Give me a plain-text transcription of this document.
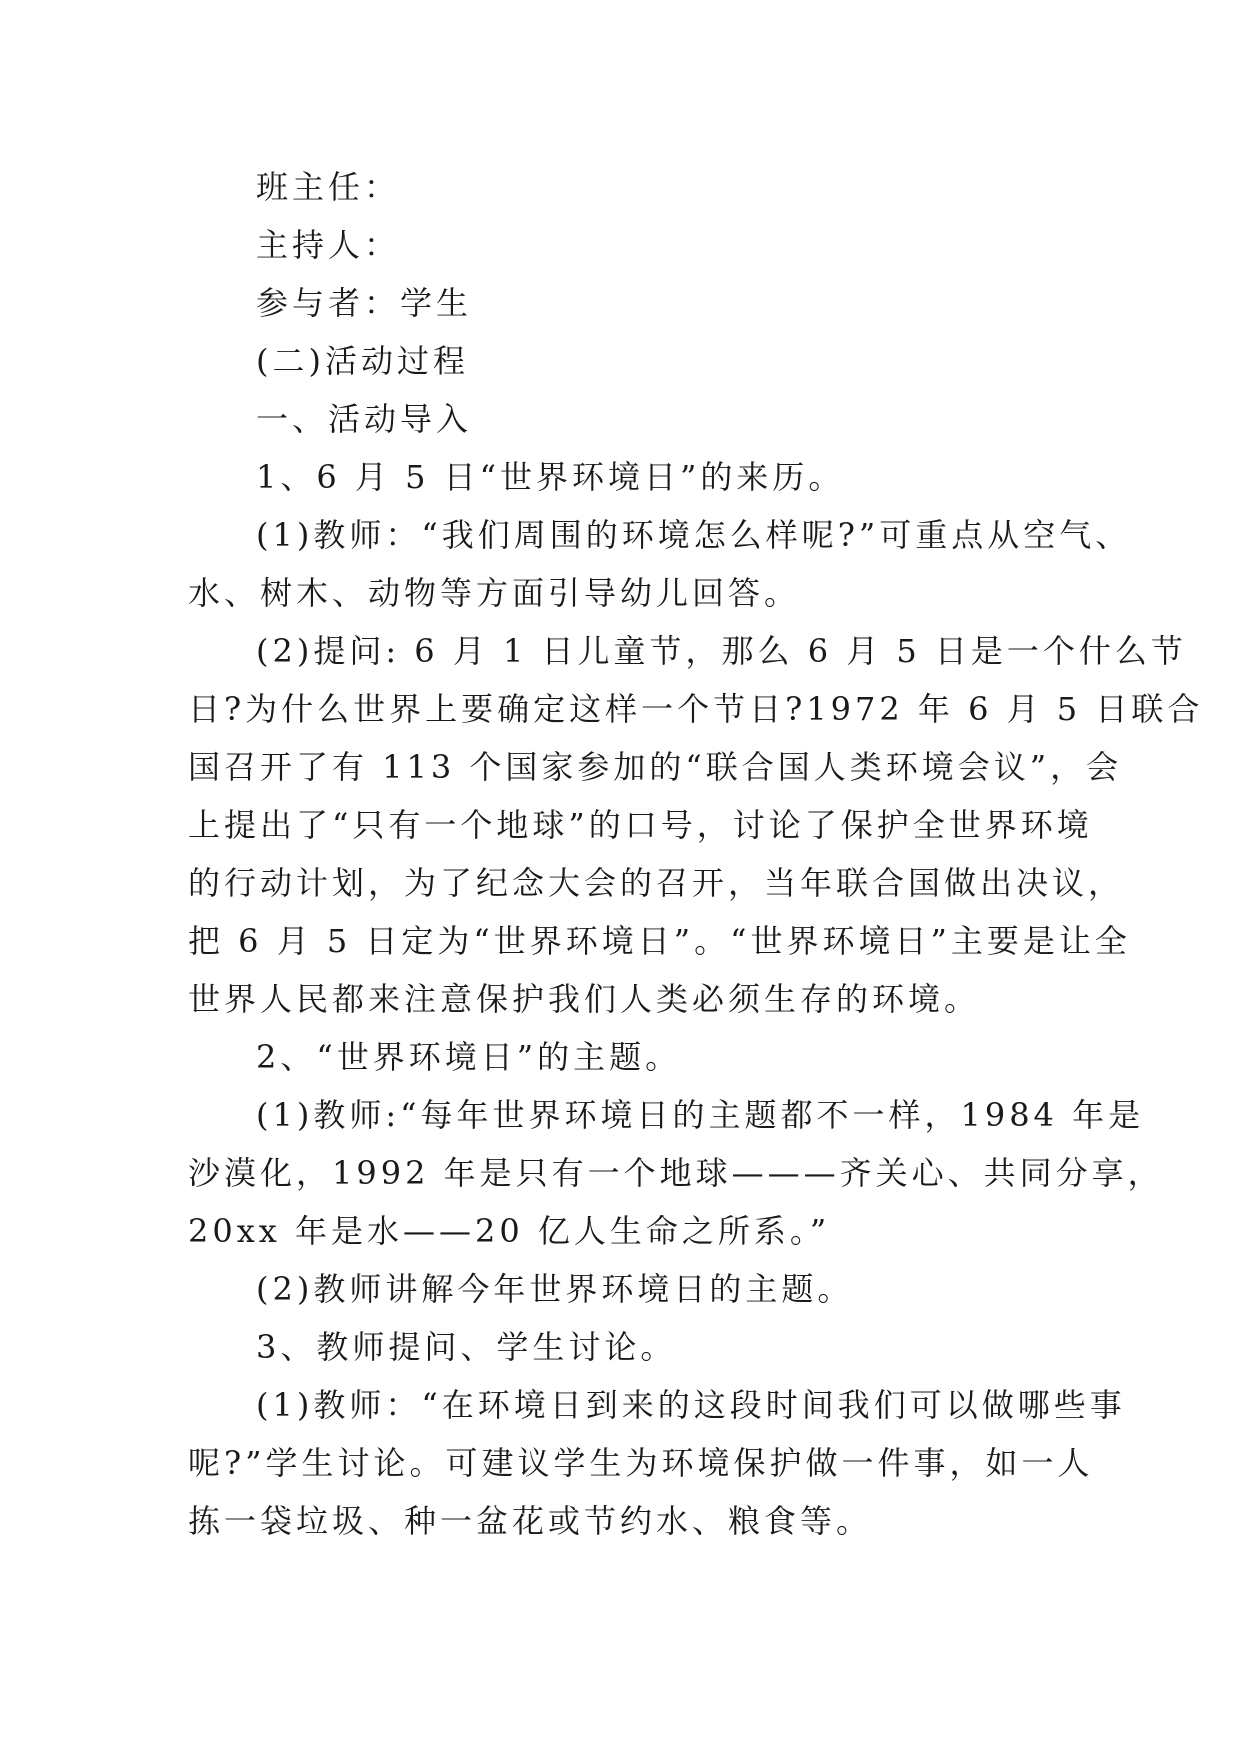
班主任：
主持人：
参与者：学生
(二)活动过程
一、活动导入
1、6 月 5 日“世界环境日”的来历。
(1)教师：“我们周围的环境怎么样呢?”可重点从空气、
水、树木、动物等方面引导幼儿回答。
(2)提问: 6 月 1 日儿童节，那么 6 月 5 日是一个什么节
日?为什么世界上要确定这样一个节日?1972 年 6 月 5 日联合
国召开了有 113 个国家参加的“联合国人类环境会议”，会
上提出了“只有一个地球”的口号，讨论了保护全世界环境
的行动计划，为了纪念大会的召开，当年联合国做出决议，
把 6 月 5 日定为“世界环境日”。“世界环境日”主要是让全
世界人民都来注意保护我们人类必须生存的环境。
2、“世界环境日”的主题。
(1)教师:“每年世界环境日的主题都不一样，1984 年是
沙漠化，1992 年是只有一个地球———齐关心、共同分享，
20xx 年是水——20 亿人生命之所系。”
(2)教师讲解今年世界环境日的主题。
3、教师提问、学生讨论。
(1)教师：“在环境日到来的这段时间我们可以做哪些事
呢?”学生讨论。可建议学生为环境保护做一件事，如一人
拣一袋垃圾、种一盆花或节约水、粮食等。
